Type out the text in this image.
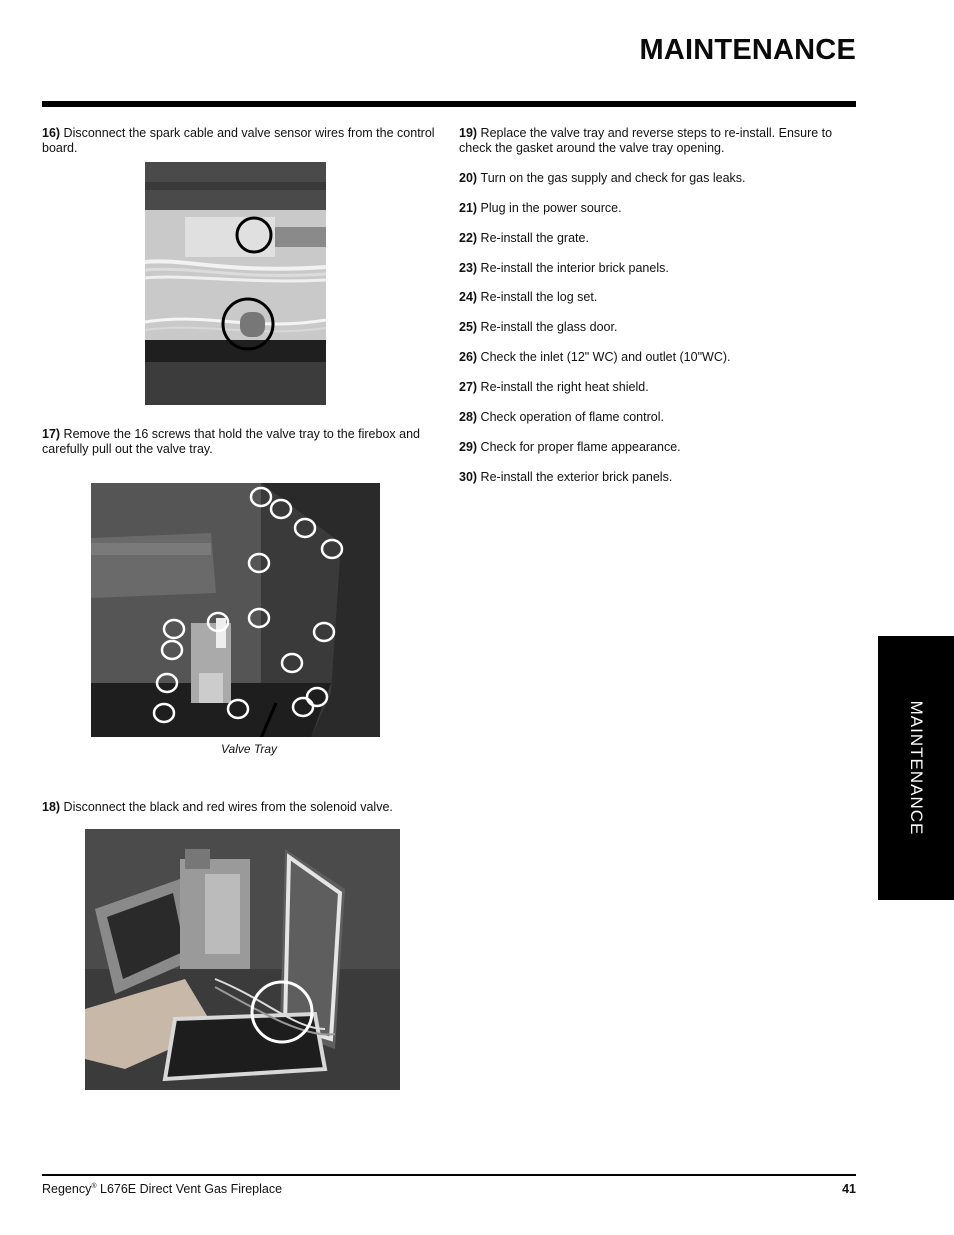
MAINTENANCE
16) Disconnect the spark cable and valve sensor wires from the control board.
17) Remove the 16 screws that hold the valve tray to the firebox and carefully pull out the valve tray.
Valve Tray
18) Disconnect the black and red wires from the solenoid valve.
19) Replace the valve tray and reverse steps to re-install. Ensure to check the gasket around the valve tray opening.
20) Turn on the gas supply and check for gas leaks.
21) Plug in the power source.
22) Re-install the grate.
23) Re-install the interior brick panels.
24) Re-install the log set.
25) Re-install the glass door.
26) Check the inlet (12" WC) and outlet (10"WC).
27) Re-install the right heat shield.
28) Check operation of flame control.
29) Check for proper flame appearance.
30) Re-install the exterior brick panels.
MAINTENANCE
Regency® L676E Direct Vent Gas Fireplace	41
